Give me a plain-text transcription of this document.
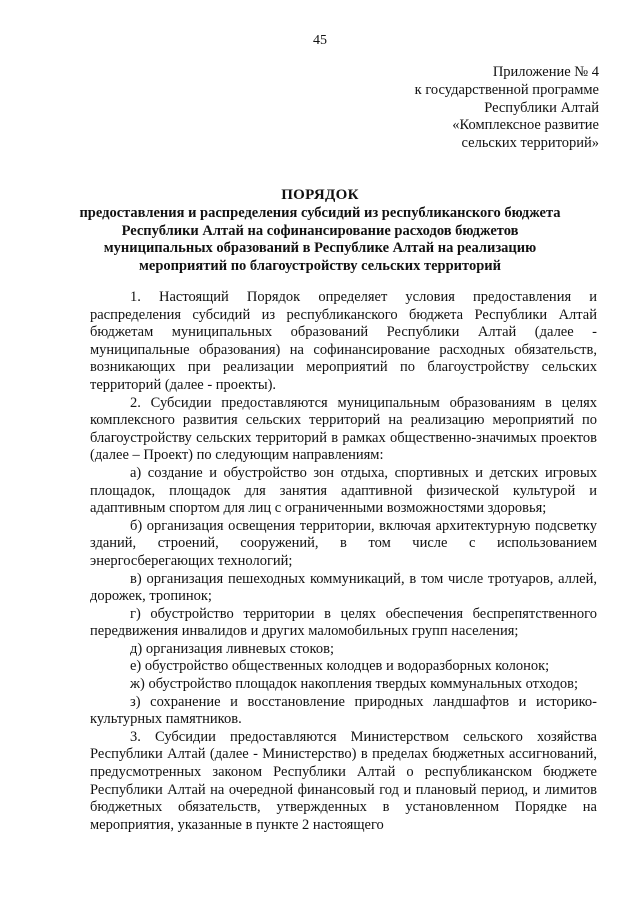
45
Приложение № 4
к государственной программе
Республики Алтай
«Комплексное развитие
сельских территорий»
ПОРЯДОК
предоставления и распределения субсидий из республиканского бюджета
Республики Алтай на софинансирование расходов бюджетов
муниципальных образований в Республике Алтай на реализацию
мероприятий по благоустройству сельских территорий

1. Настоящий Порядок определяет условия предоставления и распределения субсидий из республиканского бюджета Республики Алтай бюджетам муниципальных образований Республики Алтай (далее - муниципальные образования) на софинансирование расходных обязательств, возникающих при реализации мероприятий по благоустройству сельских территорий (далее - проекты).

2. Субсидии предоставляются муниципальным образованиям в целях комплексного развития сельских территорий на реализацию мероприятий по благоустройству сельских территорий в рамках общественно-значимых проектов (далее – Проект) по следующим направлениям:

а) создание и обустройство зон отдыха, спортивных и детских игровых площадок, площадок для занятия адаптивной физической культурой и адаптивным спортом для лиц с ограниченными возможностями здоровья;

б) организация освещения территории, включая архитектурную подсветку зданий, строений, сооружений, в том числе с использованием энергосберегающих технологий;

в) организация пешеходных коммуникаций, в том числе тротуаров, аллей, дорожек, тропинок;

г) обустройство территории в целях обеспечения беспрепятственного передвижения инвалидов и других маломобильных групп населения;

д) организация ливневых стоков;

е) обустройство общественных колодцев и водоразборных колонок;

ж) обустройство площадок накопления твердых коммунальных отходов;

з) сохранение и восстановление природных ландшафтов и историко-культурных памятников.

3. Субсидии предоставляются Министерством сельского хозяйства Республики Алтай (далее - Министерство) в пределах бюджетных ассигнований, предусмотренных законом Республики Алтай о республиканском бюджете Республики Алтай на очередной финансовый год и плановый период, и лимитов бюджетных обязательств, утвержденных в установленном Порядке на мероприятия, указанные в пункте 2 настоящего
